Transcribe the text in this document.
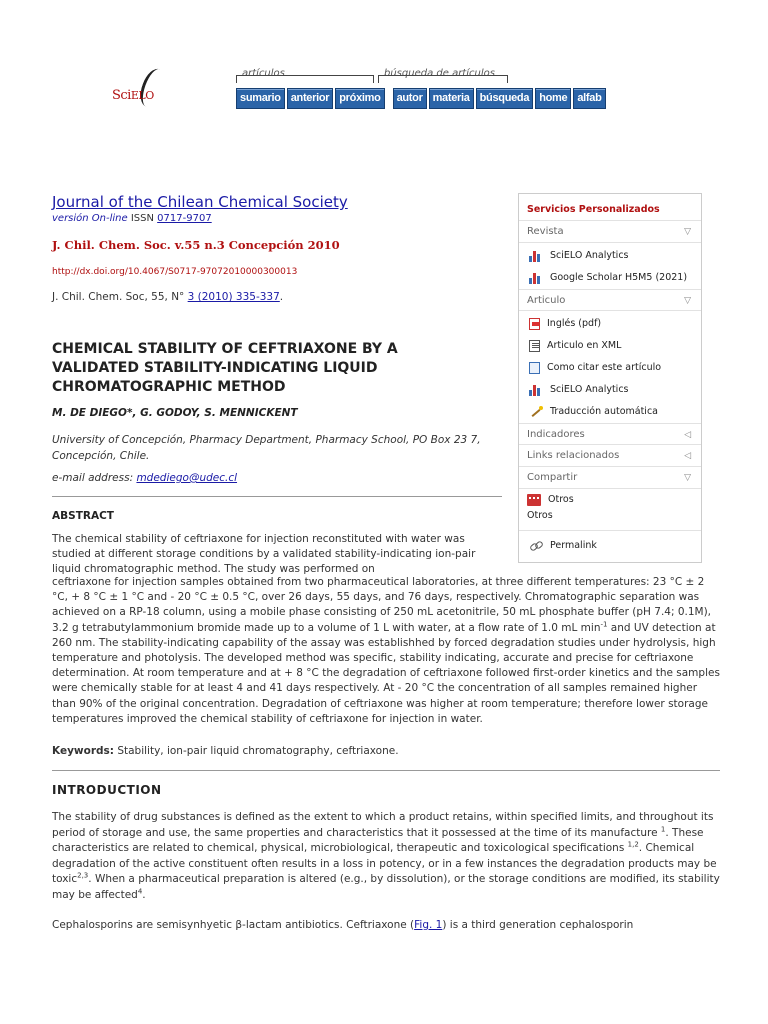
SciELO
artículos	búsqueda de artículos
sumario anterior próximo	autor materia búsqueda home alfab
Journal of the Chilean Chemical Society
versión On-line ISSN 0717-9707
J. Chil. Chem. Soc. v.55 n.3 Concepción 2010
http://dx.doi.org/10.4067/S0717-97072010000300013
J. Chil. Chem. Soc, 55, N° 3 (2010) 335-337.
CHEMICAL STABILITY OF CEFTRIAXONE BY A VALIDATED STABILITY-INDICATING LIQUID CHROMATOGRAPHIC METHOD
M. DE DIEGO*, G. GODOY, S. MENNICKENT
University of Concepción, Pharmacy Department, Pharmacy School, PO Box 23 7, Concepción, Chile.
e-mail address: mdediego@udec.cl
ABSTRACT
The chemical stability of ceftriaxone for injection reconstituted with water was studied at different storage conditions by a validated stability-indicating ion-pair liquid chromatographic method. The study was performed on
ceftriaxone for injection samples obtained from two pharmaceutical laboratories, at three different temperatures: 23 °C ± 2 °C, + 8 °C ± 1 °C and - 20 °C ± 0.5 °C, over 26 days, 55 days, and 76 days, respectively. Chromatographic separation was achieved on a RP-18 column, using a mobile phase consisting of 250 mL acetonitrile, 50 mL phosphate buffer (pH 7.4; 0.1M), 3.2 g tetrabutylammonium bromide made up to a volume of 1 L with water, at a flow rate of 1.0 mL $\min^{-1}$ and UV detection at 260 nm. The stability-indicating capability of the assay was establishhed by forced degradation studies under hydrolysis, high temperature and photolysis. The developed method was specific, stability indicating, accurate and precise for ceftriaxone determination. At room temperature and at + 8 °C the degradation of ceftriaxone followed first-order kinetics and the samples were chemically stable for at least 4 and 41 days respectively. At - 20 °C the concentration of all samples remained higher than 90% of the original concentration. Degradation of ceftriaxone was higher at room temperature; therefore lower storage temperatures improved the chemical stability of ceftriaxone for injection in water.
Keywords: Stability, ion-pair liquid chromatography, ceftriaxone.
INTRODUCTION
The stability of drug substances is defined as the extent to which a product retains, within specified limits, and throughout its period of storage and use, the same properties and characteristics that it possessed at the time of its manufacture $^1$. These characteristics are related to chemical, physical, microbiological, therapeutic and toxicological specifications $^{1,2}$. Chemical degradation of the active constituent often results in a loss in potency, or in a few instances the degradation products may be toxic$^{2,3}$. When a pharmaceutical preparation is altered (e.g., by dissolution), or the storage conditions are modified, its stability may be affected$^4$.
Cephalosporins are semisynhyetic β-lactam antibiotics. Ceftriaxone (Fig. 1) is a third generation cephalosporin
Servicios Personalizados
Revista	▽
SciELO Analytics
Google Scholar H5M5 (2021)
Articulo	▽
Inglés (pdf)
Articulo en XML
Como citar este artículo
SciELO Analytics
Traducción automática
Indicadores	◁
Links relacionados	◁
Compartir	▽
Otros
Otros
Permalink
